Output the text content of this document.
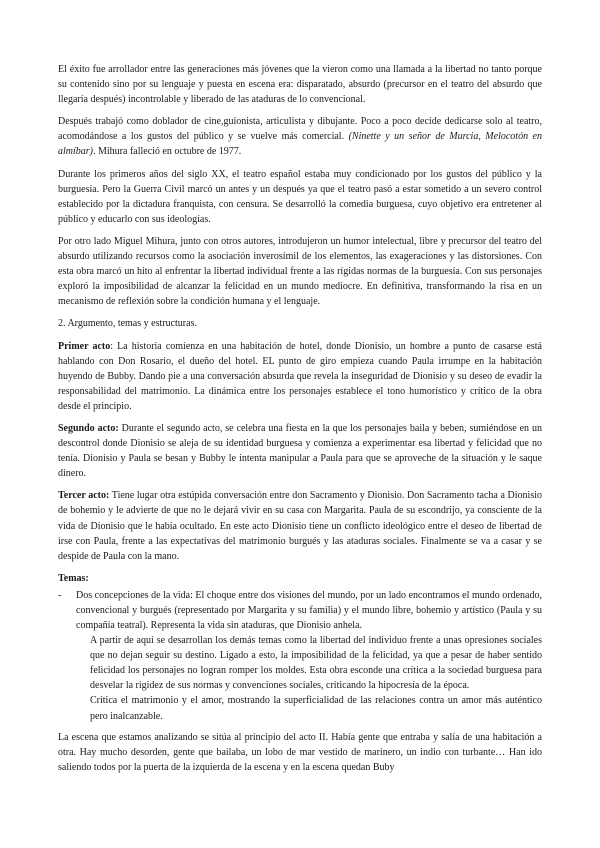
El éxito fue arrollador entre las generaciones más jóvenes que la vieron como una llamada a la libertad no tanto porque su contenido sino por su lenguaje y puesta en escena era: disparatado, absurdo (precursor en el teatro del absurdo que llegaría después) incontrolable y liberado de las ataduras de lo convencional.

Después trabajó como doblador de cine,guionista, articulista y dibujante. Poco a poco decide dedicarse solo al teatro, acomodándose a los gustos del público y se vuelve más comercial. (Ninette y un señor de Murcia, Melocotón en almíbar). Mihura falleció en octubre de 1977.

Durante los primeros años del siglo XX, el teatro español estaba muy condicionado por los gustos del público y la burguesía. Pero la Guerra Civil marcó un antes y un después ya que el teatro pasó a estar sometido a un severo control establecido por la dictadura franquista, con censura. Se desarrolló la comedia burguesa, cuyo objetivo era entretener al público y educarlo con sus ideologías.

Por otro lado Miguel Mihura, junto con otros autores, introdujeron un humor intelectual, libre y precursor del teatro del absurdo utilizando recursos como la asociación inverosímil de los elementos, las exageraciones y las distorsiones. Con esta obra marcó un hito al enfrentar la libertad individual frente a las rígidas normas de la burguesía. Con sus personajes exploró la imposibilidad de alcanzar la felicidad en un mundo mediocre. En definitiva, transformando la risa en un mecanismo de reflexión sobre la condición humana y el lenguaje.

2. Argumento, temas y estructuras.

Primer acto: La historia comienza en una habitación de hotel, donde Dionisio, un hombre a punto de casarse está hablando con Don Rosario, el dueño del hotel. EL punto de giro empieza cuando Paula irrumpe en la habitación huyendo de Bubby. Dando pie a una conversación absurda que revela la inseguridad de Dionisio y su deseo de evadir la responsabilidad del matrimonio. La dinámica entre los personajes establece el tono humorístico y crítico de la obra desde el principio.

Segundo acto: Durante el segundo acto, se celebra una fiesta en la que los personajes baila y beben, sumiéndose en un descontrol donde Dionisio se aleja de su identidad burguesa y comienza a experimentar esa libertad y felicidad que no tenía. Dionisio y Paula se besan y Bubby le intenta manipular a Paula para que se aproveche de la situación y le saque dinero.

Tercer acto: Tiene lugar otra estúpida conversación entre don Sacramento y Dionisio. Don Sacramento tacha a Dionisio de bohemio y le advierte de que no le dejará vivir en su casa con Margarita. Paula de su escondrijo, ya consciente de la vida de Dionisio que le había ocultado. En este acto Dionisio tiene un conflicto ideológico entre el deseo de libertad de irse con Paula, frente a las expectativas del matrimonio burgués y las ataduras sociales. Finalmente se va a casar y se despide de Paula con la mano.

Temas:
-	Dos concepciones de la vida: El choque entre dos visiones del mundo, por un lado encontramos el mundo ordenado, convencional y burgués (representado por Margarita y su familia) y el mundo libre, bohemio y artístico (Paula y su compañía teatral). Representa la vida sin ataduras, que Dionisio anhela.
A partir de aquí se desarrollan los demás temas como la libertad del individuo frente a unas opresiones sociales que no dejan seguir su destino. Ligado a esto, la imposibilidad de la felicidad, ya que a pesar de haber sentido felicidad los personajes no logran romper los moldes. Esta obra esconde una crítica a la sociedad burguesa para desvelar la rigidez de sus normas y convenciones sociales, criticando la hipocresía de la época.
Critica el matrimonio y el amor, mostrando la superficialidad de las relaciones contra un amor más auténtico pero inalcanzable.

La escena que estamos analizando se sitúa al principio del acto II. Había gente que entraba y salía de una habitación a otra. Hay mucho desorden, gente que bailaba, un lobo de mar vestido de marinero, un indio con turbante… Han ido saliendo todos por la puerta de la izquierda de la escena y en la escena quedan Buby
